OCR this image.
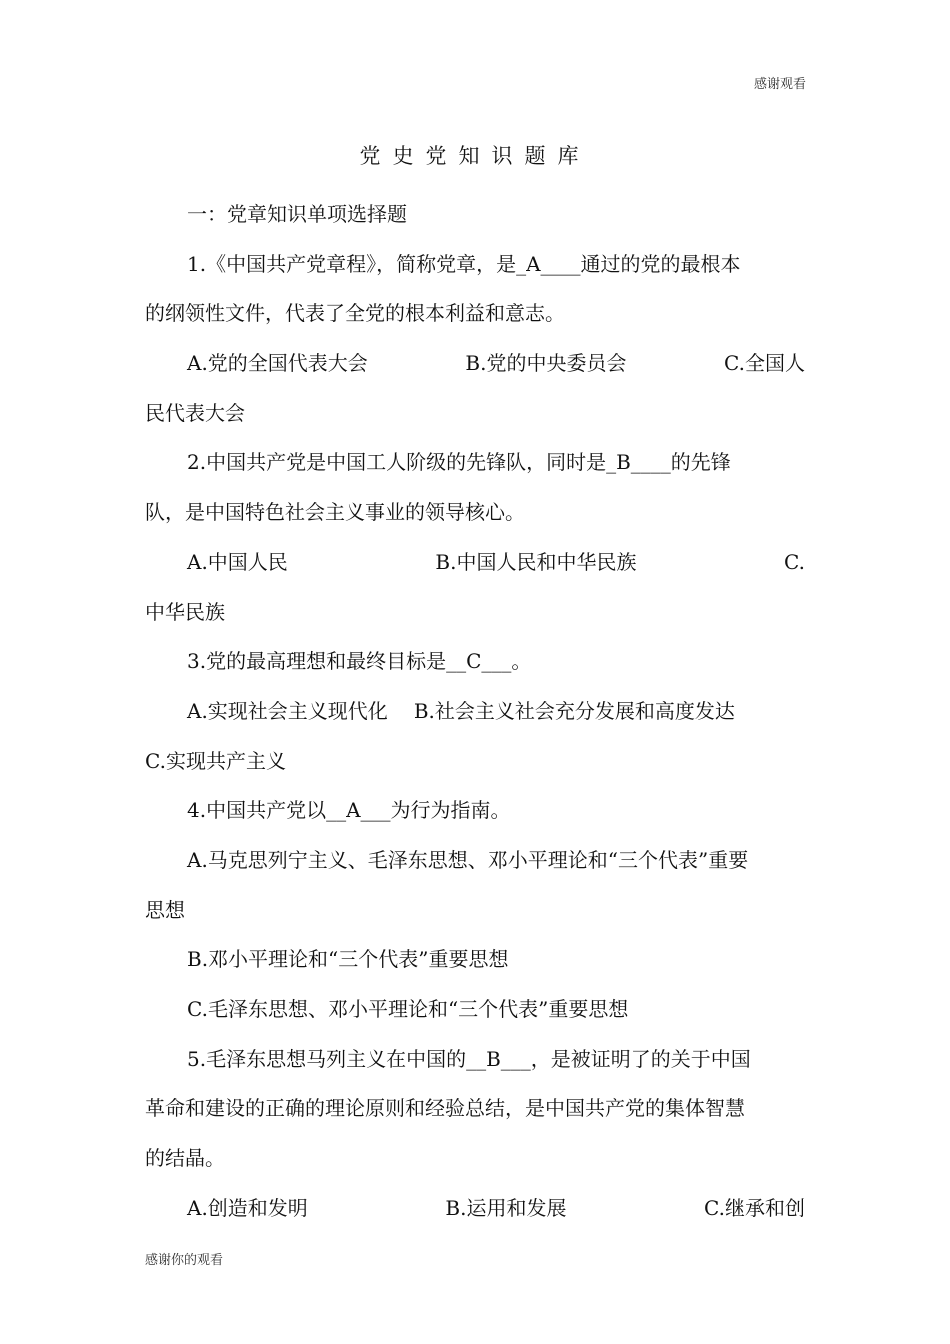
感谢观看
党史党知识题库
一：党章知识单项选择题
1.《中国共产党章程》，简称党章，是_A____通过的党的最根本
的纲领性文件，代表了全党的根本利益和意志。
A.党的全国代表大会	B.党的中央委员会	C.全国人
民代表大会
2.中国共产党是中国工人阶级的先锋队，同时是_B____的先锋
队，是中国特色社会主义事业的领导核心。
A.中国人民	B.中国人民和中华民族	C.
中华民族
3.党的最高理想和最终目标是__C___。
A.实现社会主义现代化 B.社会主义社会充分发展和高度发达
C.实现共产主义
4.中国共产党以__A___为行为指南。
A.马克思列宁主义、毛泽东思想、邓小平理论和“三个代表”重要
思想
B.邓小平理论和“三个代表”重要思想
C.毛泽东思想、邓小平理论和“三个代表”重要思想
5.毛泽东思想马列主义在中国的__B___，是被证明了的关于中国
革命和建设的正确的理论原则和经验总结，是中国共产党的集体智慧
的结晶。
A.创造和发明	B.运用和发展	C.继承和创
感谢你的观看
